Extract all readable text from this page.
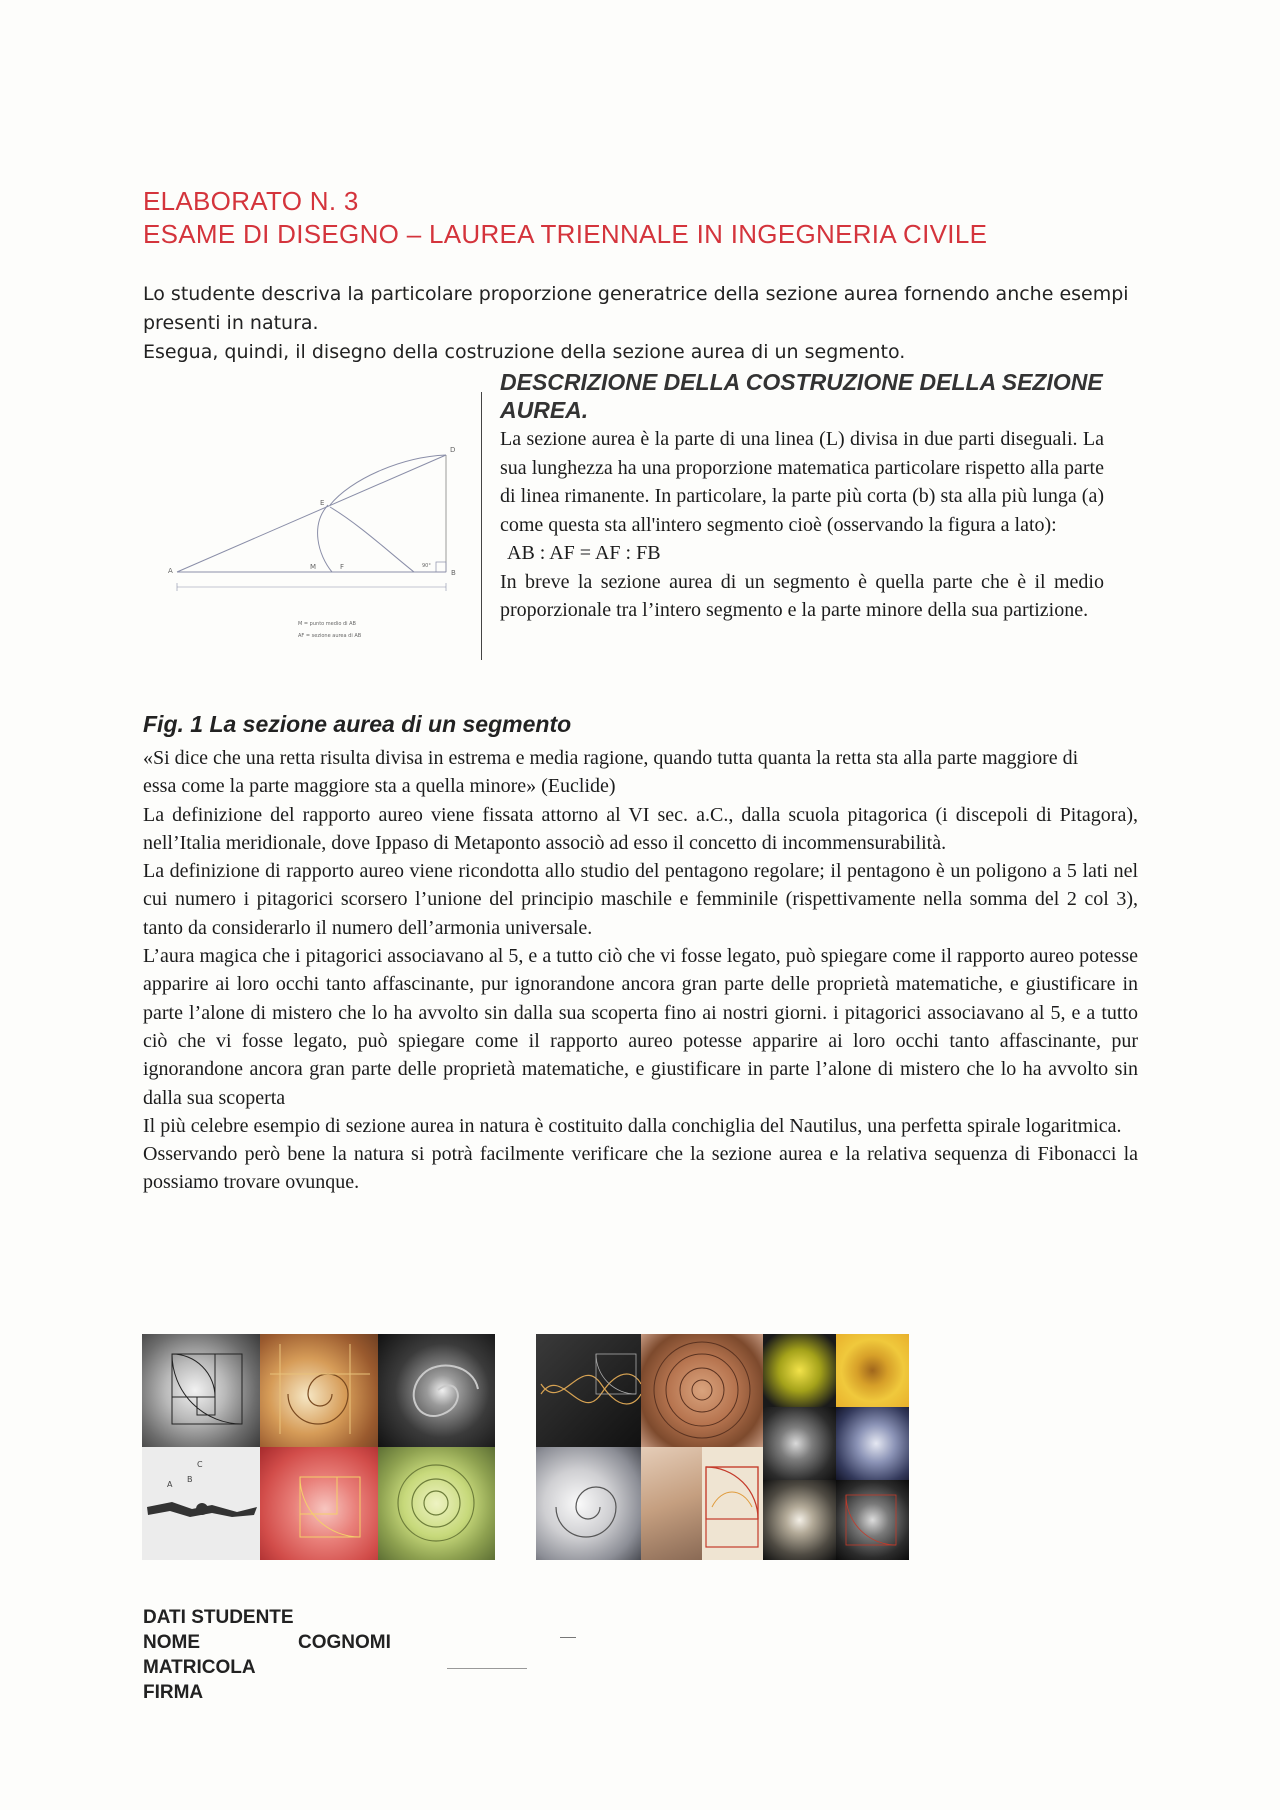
ELABORATO N. 3
ESAME DI DISEGNO – LAUREA TRIENNALE IN INGEGNERIA CIVILE
Lo studente descriva la particolare proporzione generatrice della sezione aurea fornendo anche esempi presenti in natura.
Esegua, quindi, il disegno della costruzione della sezione aurea di un segmento.
A	B
D
E
F
M	90°
M = punto medio di AB
AF = sezione aurea di AB
DESCRIZIONE DELLA COSTRUZIONE DELLA SEZIONE AUREA.

La sezione aurea è la parte di una linea (L) divisa in due parti diseguali. La sua lunghezza ha una proporzione matematica particolare rispetto alla parte di linea rimanente. In particolare, la parte più corta (b) sta alla più lunga (a) come questa sta all'intero segmento cioè (osservando la figura a lato):

AB : AF = AF : FB

In breve la sezione aurea di un segmento è quella parte che è il medio proporzionale tra l’intero segmento e la parte minore della sua partizione.

Fig. 1 La sezione aurea di un segmento

«Si dice che una retta risulta divisa in estrema e media ragione, quando tutta quanta la retta sta alla parte maggiore di essa come la parte maggiore sta a quella minore» (Euclide)

La definizione del rapporto aureo viene fissata attorno al VI sec. a.C., dalla scuola pitagorica (i discepoli di Pitagora), nell’Italia meridionale, dove Ippaso di Metaponto associò ad esso il concetto di incommensurabilità.

La definizione di rapporto aureo viene ricondotta allo studio del pentagono regolare; il pentagono è un poligono a 5 lati nel cui numero i pitagorici scorsero l’unione del principio maschile e femminile (rispettivamente nella somma del 2 col 3), tanto da considerarlo il numero dell’armonia universale.

L’aura magica che i pitagorici associavano al 5, e a tutto ciò che vi fosse legato, può spiegare come il rapporto aureo potesse apparire ai loro occhi tanto affascinante, pur ignorandone ancora gran parte delle proprietà matematiche, e giustificare in parte l’alone di mistero che lo ha avvolto sin dalla sua scoperta fino ai nostri giorni. i pitagorici associavano al 5, e a tutto ciò che vi fosse legato, può spiegare come il rapporto aureo potesse apparire ai loro occhi tanto affascinante, pur ignorandone ancora gran parte delle proprietà matematiche, e giustificare in parte l’alone di mistero che lo ha avvolto sin dalla sua scoperta

Il più celebre esempio di sezione aurea in natura è costituito dalla conchiglia del Nautilus, una perfetta spirale logaritmica.

Osservando però bene la natura si potrà facilmente verificare che la sezione aurea e la relativa sequenza di Fibonacci la possiamo trovare ovunque.

A
C
B
DATI STUDENTE
NOME	COGNOMI
MATRICOLA
FIRMA
